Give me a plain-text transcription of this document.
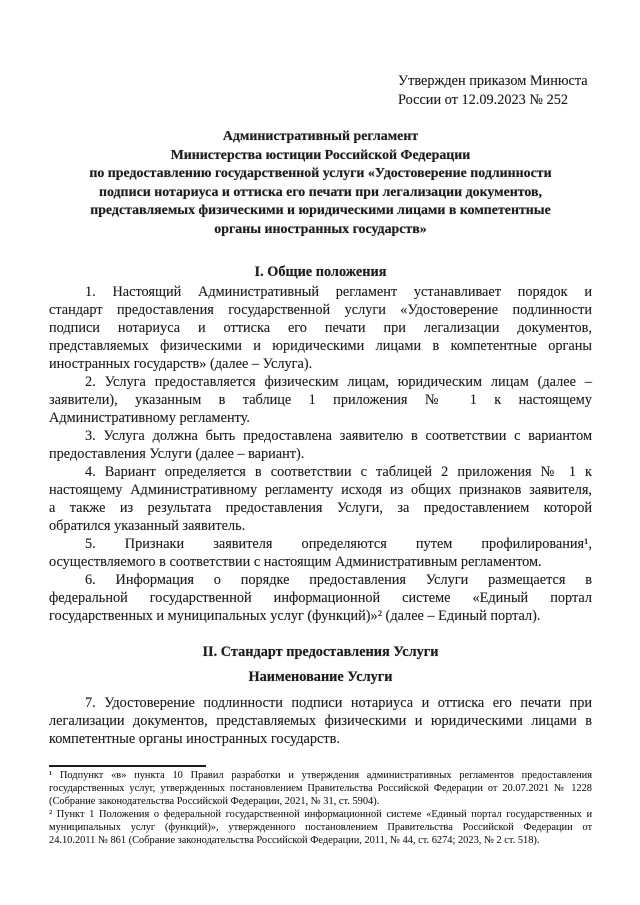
Утвержден приказом Минюста
России от 12.09.2023 № 252
Административный регламент
Министерства юстиции Российской Федерации
по предоставлению государственной услуги «Удостоверение подлинности
подписи нотариуса и оттиска его печати при легализации документов,
представляемых физическими и юридическими лицами в компетентные
органы иностранных государств»
I. Общие положения
1. Настоящий Административный регламент устанавливает порядок и
стандарт предоставления государственной услуги «Удостоверение подлинности
подписи нотариуса и оттиска его печати при легализации документов,
представляемых физическими и юридическими лицами в компетентные органы
иностранных государств» (далее – Услуга).
2. Услуга предоставляется физическим лицам, юридическим лицам (далее –
заявители), указанным в таблице 1 приложения № 1 к настоящему
Административному регламенту.
3. Услуга должна быть предоставлена заявителю в соответствии с вариантом
предоставления Услуги (далее – вариант).
4. Вариант определяется в соответствии с таблицей 2 приложения № 1 к
настоящему Административному регламенту исходя из общих признаков заявителя,
а также из результата предоставления Услуги, за предоставлением которой
обратился указанный заявитель.
5. Признаки заявителя определяются путем профилирования¹,
осуществляемого в соответствии с настоящим Административным регламентом.
6. Информация о порядке предоставления Услуги размещается в
федеральной государственной информационной системе «Единый портал
государственных и муниципальных услуг (функций)»² (далее – Единый портал).
II. Стандарт предоставления Услуги
Наименование Услуги
7. Удостоверение подлинности подписи нотариуса и оттиска его печати при
легализации документов, представляемых физическими и юридическими лицами в
компетентные органы иностранных государств.
¹ Подпункт «в» пункта 10 Правил разработки и утверждения административных регламентов предоставления
государственных услуг, утвержденных постановлением Правительства Российской Федерации от 20.07.2021 № 1228
(Собрание законодательства Российской Федерации, 2021, № 31, ст. 5904).
² Пункт 1 Положения о федеральной государственной информационной системе «Единый портал государственных и
муниципальных услуг (функций)», утвержденного постановлением Правительства Российской Федерации от
24.10.2011 № 861 (Собрание законодательства Российской Федерации, 2011, № 44, ст. 6274; 2023, № 2 ст. 518).
